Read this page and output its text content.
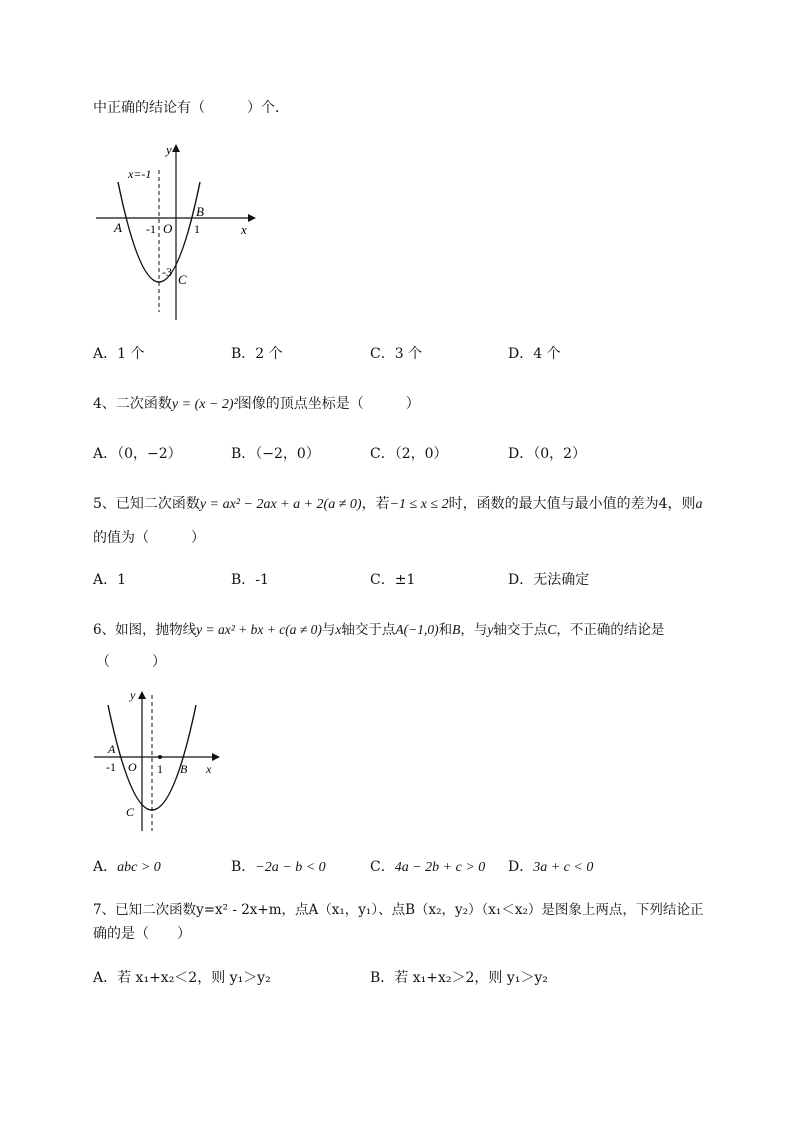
中正确的结论有（　　　）个．
y
x=-1
B
A -1 O 1	x
-3 C
A．1 个	B．2 个	C．3 个	D．4 个
4、二次函数y = (x − 2)²图像的顶点坐标是（　　　）
A．（0，−2）	B．（−2，0）	C．（2，0）	D．（0，2）
5、已知二次函数y = ax² − 2ax + a + 2(a ≠ 0)，若−1 ≤ x ≤ 2时，函数的最大值与最小值的差为4，则a
的值为（　　　）
A．1	B．-1	C．±1	D．无法确定
6、如图，抛物线y = ax² + bx + c(a ≠ 0)与x轴交于点A(−1,0)和B，与y轴交于点C，不正确的结论是
（　　　）
y
A
-1 O 1 B x
C
A．abc > 0	B．−2a − b < 0	C．4a − 2b + c > 0 D．3a + c < 0
7、已知二次函数y=x² - 2x+m，点A（x₁，y₁）、点B（x₂，y₂）（x₁＜x₂）是图象上两点，下列结论正
确的是（　　）
A．若 x₁+x₂＜2，则 y₁＞y₂	B．若 x₁+x₂＞2，则 y₁＞y₂
